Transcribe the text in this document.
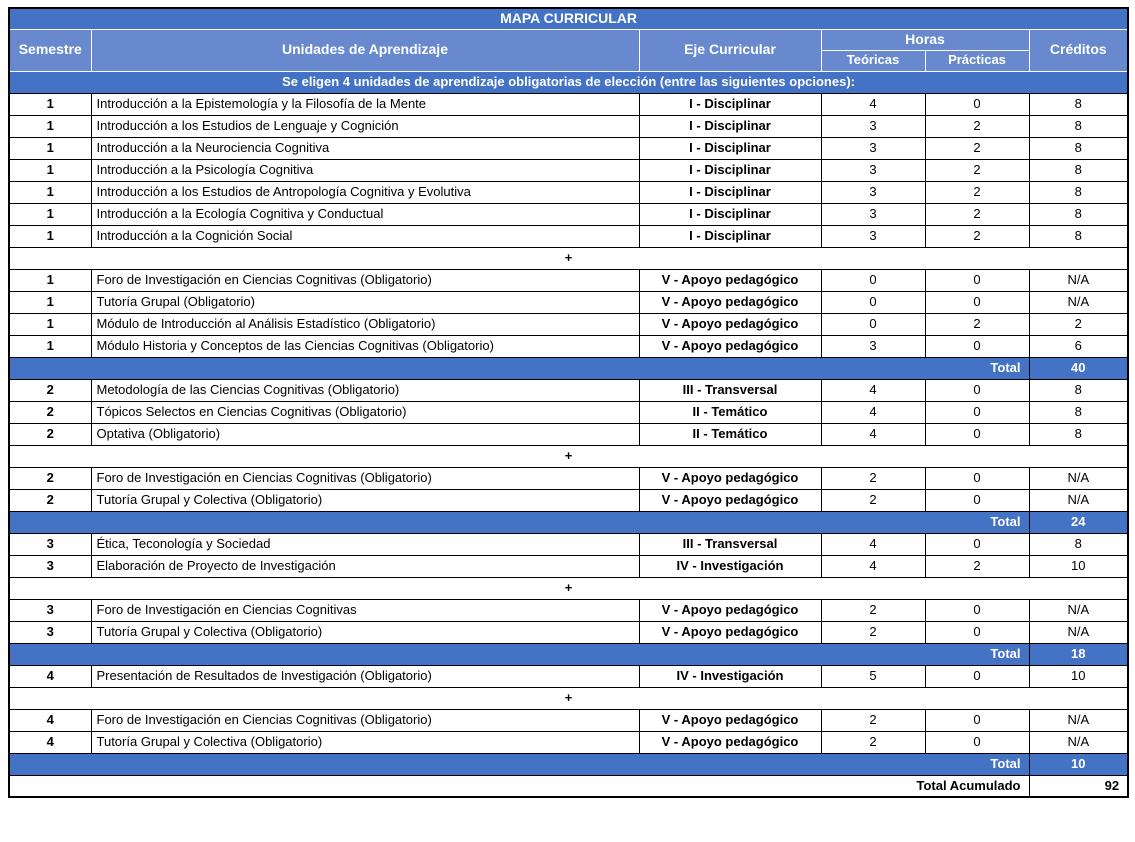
MAPA CURRICULAR					
Semestre	Unidades de Aprendizaje	Eje Curricular	Horas		Créditos
			Teóricas	Prácticas	
Se eligen 4 unidades de aprendizaje obligatorias de elección (entre las siguientes opciones):					
1	Introducción a la Epistemología y la Filosofía de la Mente	I - Disciplinar	4	0	8
1	Introducción a los Estudios de Lenguaje y Cognición	I - Disciplinar	3	2	8
1	Introducción a la Neurociencia Cognitiva	I - Disciplinar	3	2	8
1	Introducción a la Psicología Cognitiva	I - Disciplinar	3	2	8
1	Introducción a los Estudios de Antropología Cognitiva y Evolutiva	I - Disciplinar	3	2	8
1	Introducción a la Ecología Cognitiva y Conductual	I - Disciplinar	3	2	8
1	Introducción a la Cognición Social	I - Disciplinar	3	2	8
+					
1	Foro de Investigación en Ciencias Cognitivas (Obligatorio)	V - Apoyo pedagógico	0	0	N/A
1	Tutoría Grupal (Obligatorio)	V - Apoyo pedagógico	0	0	N/A
1	Módulo de Introducción al Análisis Estadístico (Obligatorio)	V - Apoyo pedagógico	0	2	2
1	Módulo Historia y Conceptos de las Ciencias Cognitivas (Obligatorio)	V - Apoyo pedagógico	3	0	6
Total					40
2	Metodología de las Ciencias Cognitivas (Obligatorio)	III - Transversal	4	0	8
2	Tópicos Selectos en Ciencias Cognitivas (Obligatorio)	II - Temático	4	0	8
2	Optativa (Obligatorio)	II - Temático	4	0	8
+					
2	Foro de Investigación en Ciencias Cognitivas (Obligatorio)	V - Apoyo pedagógico	2	0	N/A
2	Tutoría Grupal y Colectiva (Obligatorio)	V - Apoyo pedagógico	2	0	N/A
Total					24
3	Ética, Teconología y Sociedad	III - Transversal	4	0	8
3	Elaboración de Proyecto de Investigación	IV - Investigación	4	2	10
+					
3	Foro de Investigación en Ciencias Cognitivas	V - Apoyo pedagógico	2	0	N/A
3	Tutoría Grupal y Colectiva (Obligatorio)	V - Apoyo pedagógico	2	0	N/A
Total					18
4	Presentación de Resultados de Investigación (Obligatorio)	IV - Investigación	5	0	10
+					
4	Foro de Investigación en Ciencias Cognitivas (Obligatorio)	V - Apoyo pedagógico	2	0	N/A
4	Tutoría Grupal y Colectiva (Obligatorio)	V - Apoyo pedagógico	2	0	N/A
Total					10
Total Acumulado					92
